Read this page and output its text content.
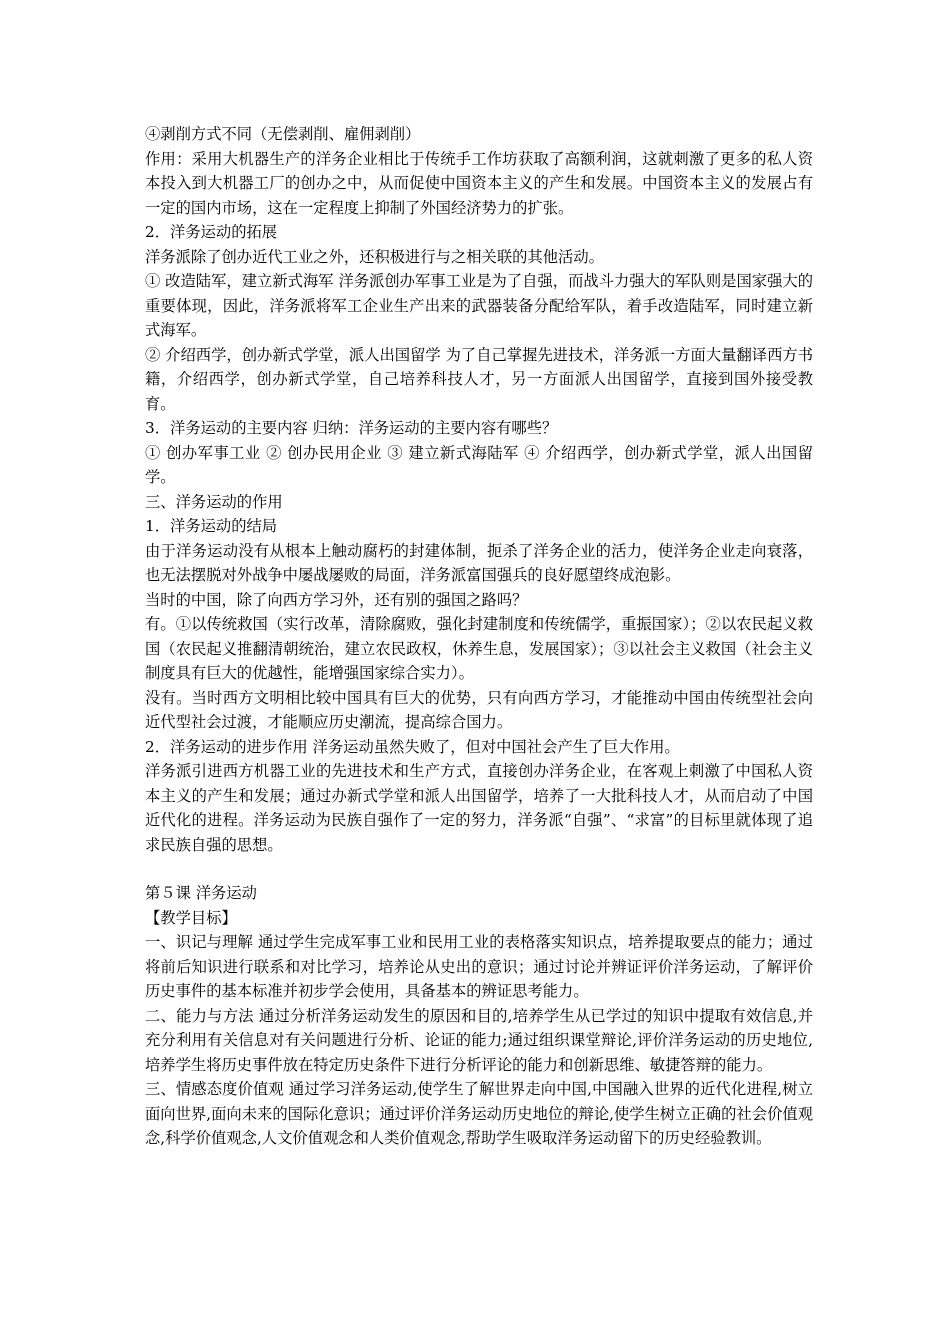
④剥削方式不同（无偿剥削、雇佣剥削）

作用：采用大机器生产的洋务企业相比于传统手工作坊获取了高额利润，这就刺激了更多的私人资本投入到大机器工厂的创办之中，从而促使中国资本主义的产生和发展。中国资本主义的发展占有一定的国内市场，这在一定程度上抑制了外国经济势力的扩张。

2．洋务运动的拓展

洋务派除了创办近代工业之外，还积极进行与之相关联的其他活动。

① 改造陆军，建立新式海军 洋务派创办军事工业是为了自强，而战斗力强大的军队则是国家强大的重要体现，因此，洋务派将军工企业生产出来的武器装备分配给军队，着手改造陆军，同时建立新式海军。

② 介绍西学，创办新式学堂，派人出国留学 为了自己掌握先进技术，洋务派一方面大量翻译西方书籍，介绍西学，创办新式学堂，自己培养科技人才，另一方面派人出国留学，直接到国外接受教育。

3．洋务运动的主要内容 归纳：洋务运动的主要内容有哪些？

① 创办军事工业 ② 创办民用企业 ③ 建立新式海陆军 ④ 介绍西学，创办新式学堂，派人出国留学。

三、洋务运动的作用

1．洋务运动的结局

由于洋务运动没有从根本上触动腐朽的封建体制，扼杀了洋务企业的活力，使洋务企业走向衰落，也无法摆脱对外战争中屡战屡败的局面，洋务派富国强兵的良好愿望终成泡影。

当时的中国，除了向西方学习外，还有别的强国之路吗？

有。①以传统救国（实行改革，清除腐败，强化封建制度和传统儒学，重振国家）；②以农民起义救国（农民起义推翻清朝统治，建立农民政权，休养生息，发展国家）；③以社会主义救国（社会主义制度具有巨大的优越性，能增强国家综合实力）。

没有。当时西方文明相比较中国具有巨大的优势，只有向西方学习，才能推动中国由传统型社会向近代型社会过渡，才能顺应历史潮流，提高综合国力。

2．洋务运动的进步作用 洋务运动虽然失败了，但对中国社会产生了巨大作用。

洋务派引进西方机器工业的先进技术和生产方式，直接创办洋务企业，在客观上刺激了中国私人资本主义的产生和发展；通过办新式学堂和派人出国留学，培养了一大批科技人才，从而启动了中国近代化的进程。洋务运动为民族自强作了一定的努力，洋务派“自强”、“求富”的目标里就体现了追求民族自强的思想。

第５课 洋务运动

【教学目标】

一、识记与理解 通过学生完成军事工业和民用工业的表格落实知识点，培养提取要点的能力；通过将前后知识进行联系和对比学习，培养论从史出的意识；通过讨论并辨证评价洋务运动，了解评价历史事件的基本标准并初步学会使用，具备基本的辨证思考能力。

二、能力与方法 通过分析洋务运动发生的原因和目的,培养学生从已学过的知识中提取有效信息,并充分利用有关信息对有关问题进行分析、论证的能力;通过组织课堂辩论,评价洋务运动的历史地位,培养学生将历史事件放在特定历史条件下进行分析评论的能力和创新思维、敏捷答辩的能力。

三、情感态度价值观 通过学习洋务运动,使学生了解世界走向中国,中国融入世界的近代化进程,树立面向世界,面向未来的国际化意识；通过评价洋务运动历史地位的辩论,使学生树立正确的社会价值观念,科学价值观念,人文价值观念和人类价值观念,帮助学生吸取洋务运动留下的历史经验教训。
